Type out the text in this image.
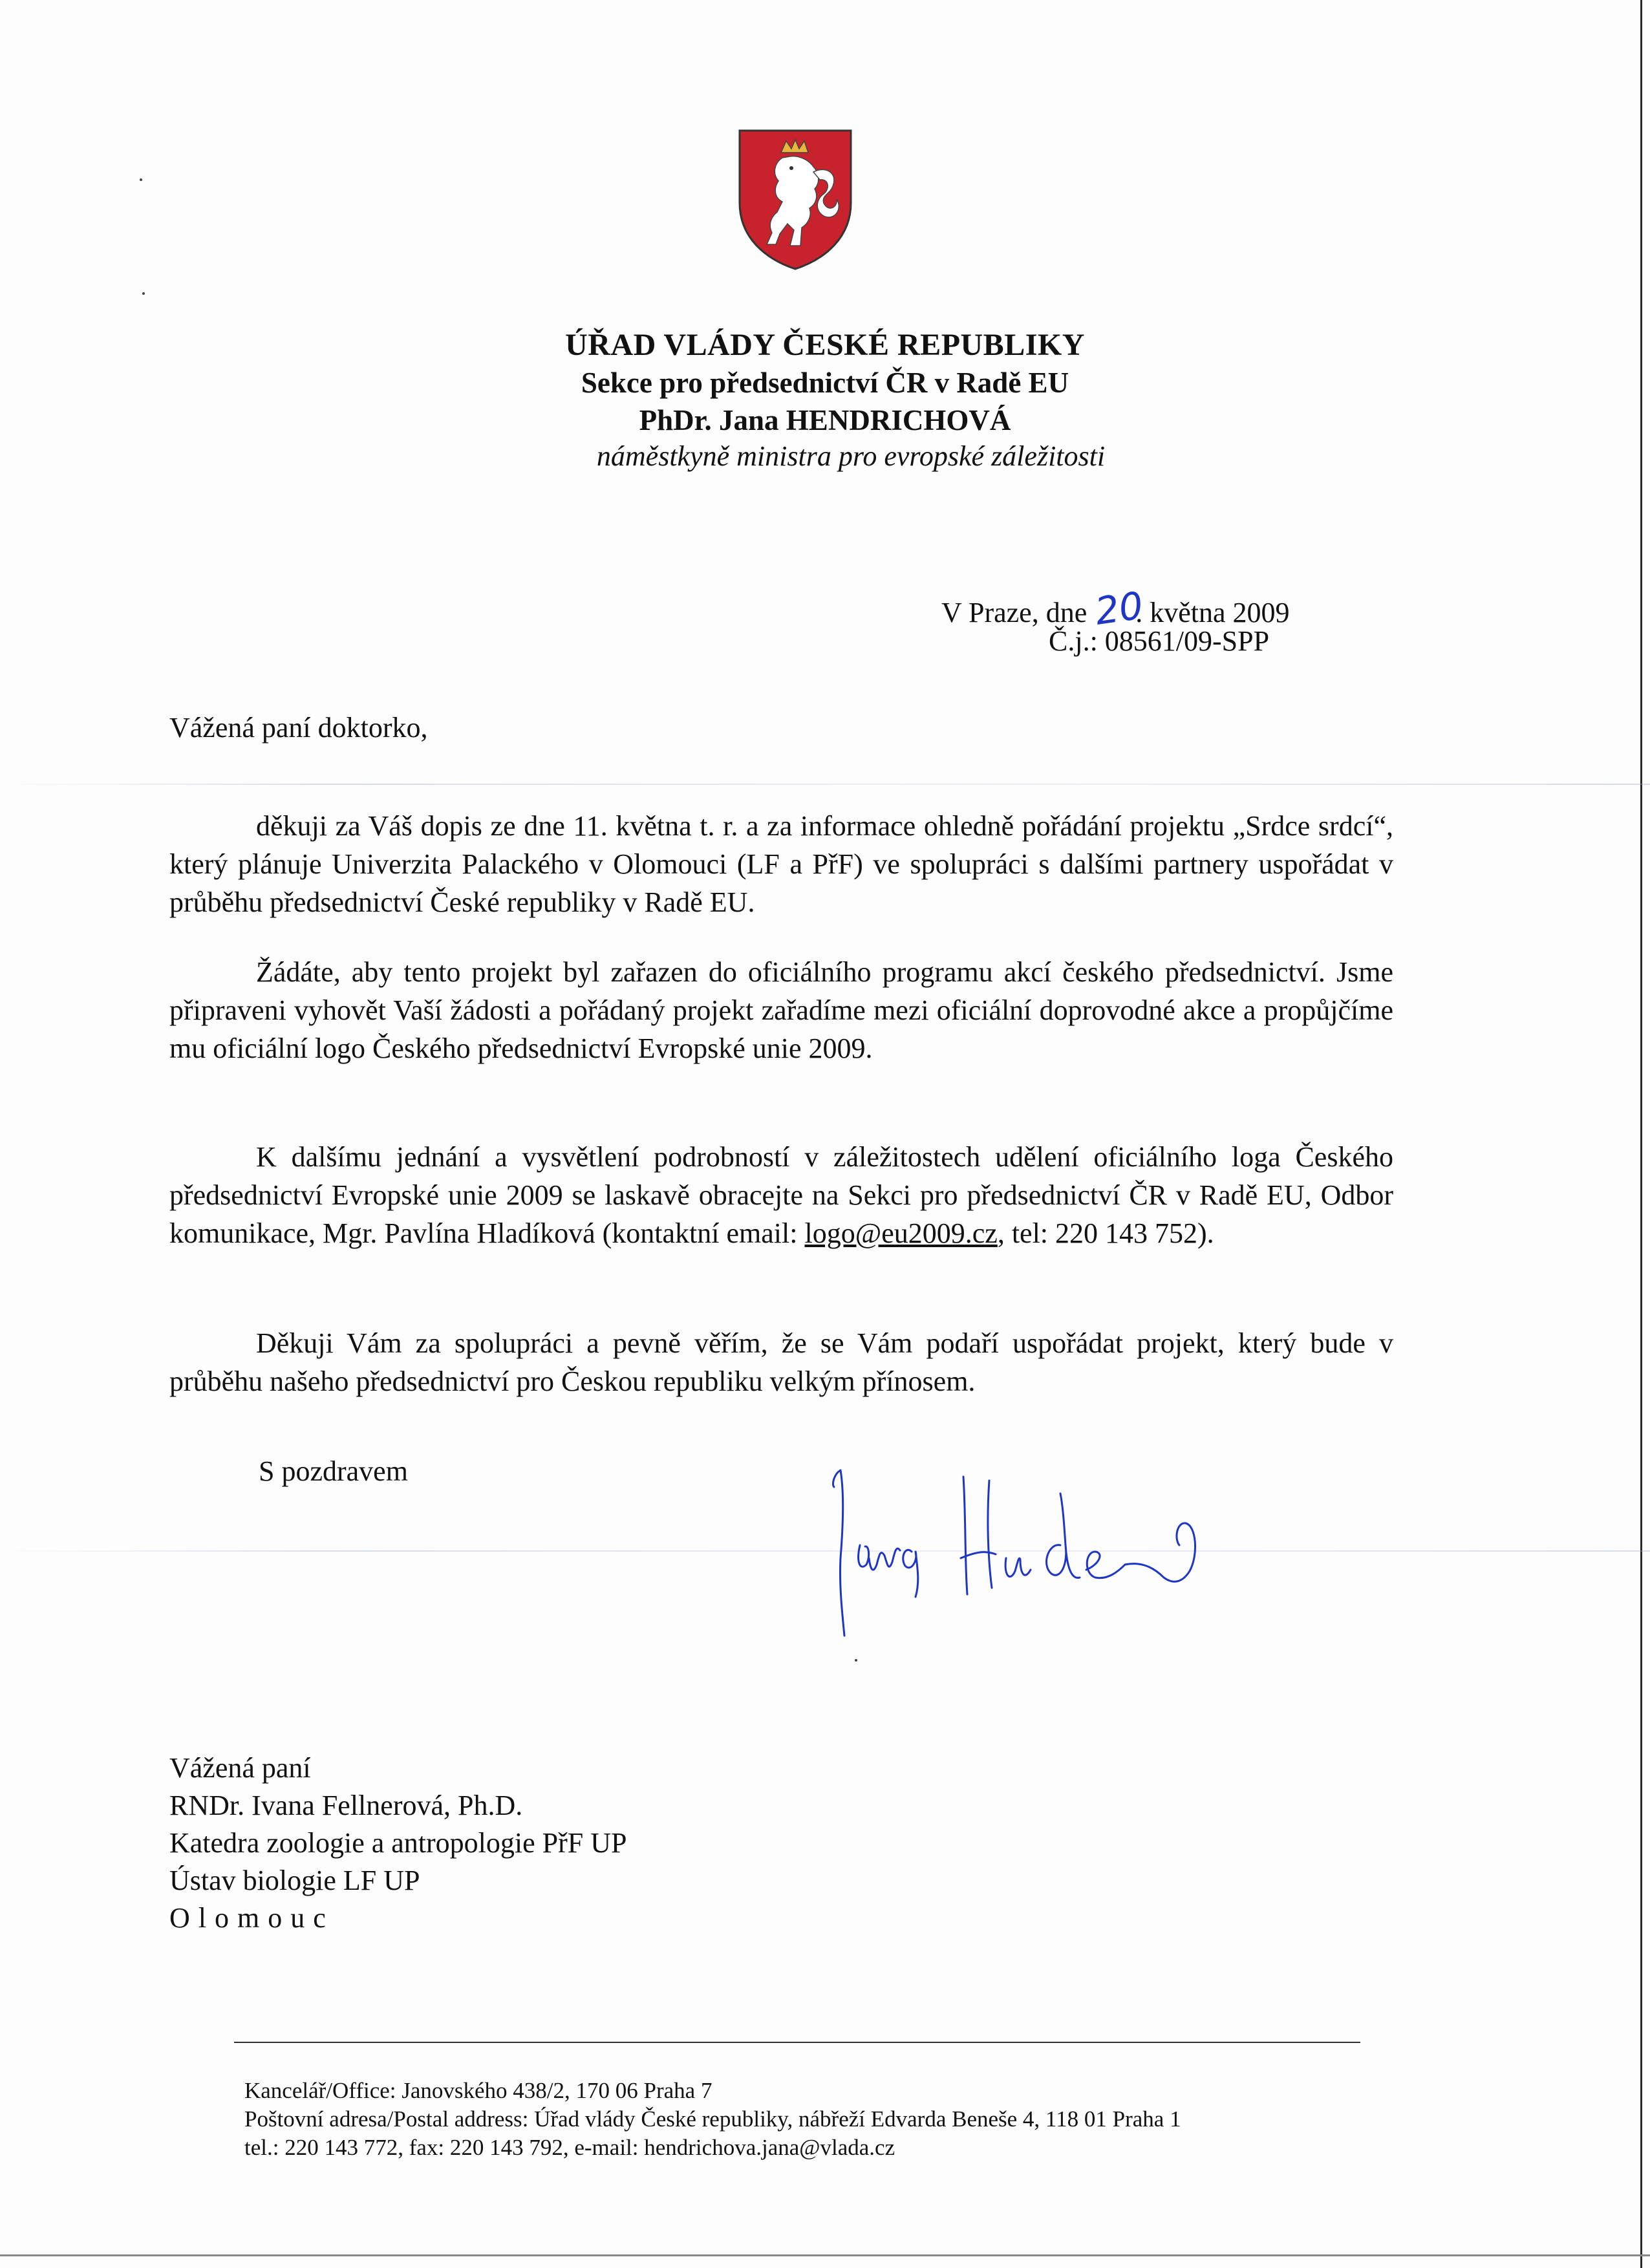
ÚŘAD VLÁDY ČESKÉ REPUBLIKY
Sekce pro předsednictví ČR v Radě EU
PhDr. Jana HENDRICHOVÁ
náměstkyně ministra pro evropské záležitosti
V Praze, dne 20. května 2009
Č.j.: 08561/09-SPP
Vážená paní doktorko,
děkuji za Váš dopis ze dne 11. května t. r. a za informace ohledně pořádání projektu „Srdce srdcí“, který plánuje Univerzita Palackého v Olomouci (LF a PřF) ve spolupráci s dalšími partnery uspořádat v průběhu předsednictví České republiky v Radě EU.
Žádáte, aby tento projekt byl zařazen do oficiálního programu akcí českého předsednictví. Jsme připraveni vyhovět Vaší žádosti a pořádaný projekt zařadíme mezi oficiální doprovodné akce a propůjčíme mu oficiální logo Českého předsednictví Evropské unie 2009.
K dalšímu jednání a vysvětlení podrobností v záležitostech udělení oficiálního loga Českého předsednictví Evropské unie 2009 se laskavě obracejte na Sekci pro předsednictví ČR v Radě EU, Odbor komunikace, Mgr. Pavlína Hladíková (kontaktní email: logo@eu2009.cz, tel: 220 143 752).
Děkuji Vám za spolupráci a pevně věřím, že se Vám podaří uspořádat projekt, který bude v průběhu našeho předsednictví pro Českou republiku velkým přínosem.
S pozdravem
Vážená paní
RNDr. Ivana Fellnerová, Ph.D.
Katedra zoologie a antropologie PřF UP
Ústav biologie LF UP
Olomouc
Kancelář/Office: Janovského 438/2, 170 06 Praha 7
Poštovní adresa/Postal address: Úřad vlády České republiky, nábřeží Edvarda Beneše 4, 118 01 Praha 1
tel.: 220 143 772, fax: 220 143 792, e-mail: hendrichova.jana@vlada.cz
